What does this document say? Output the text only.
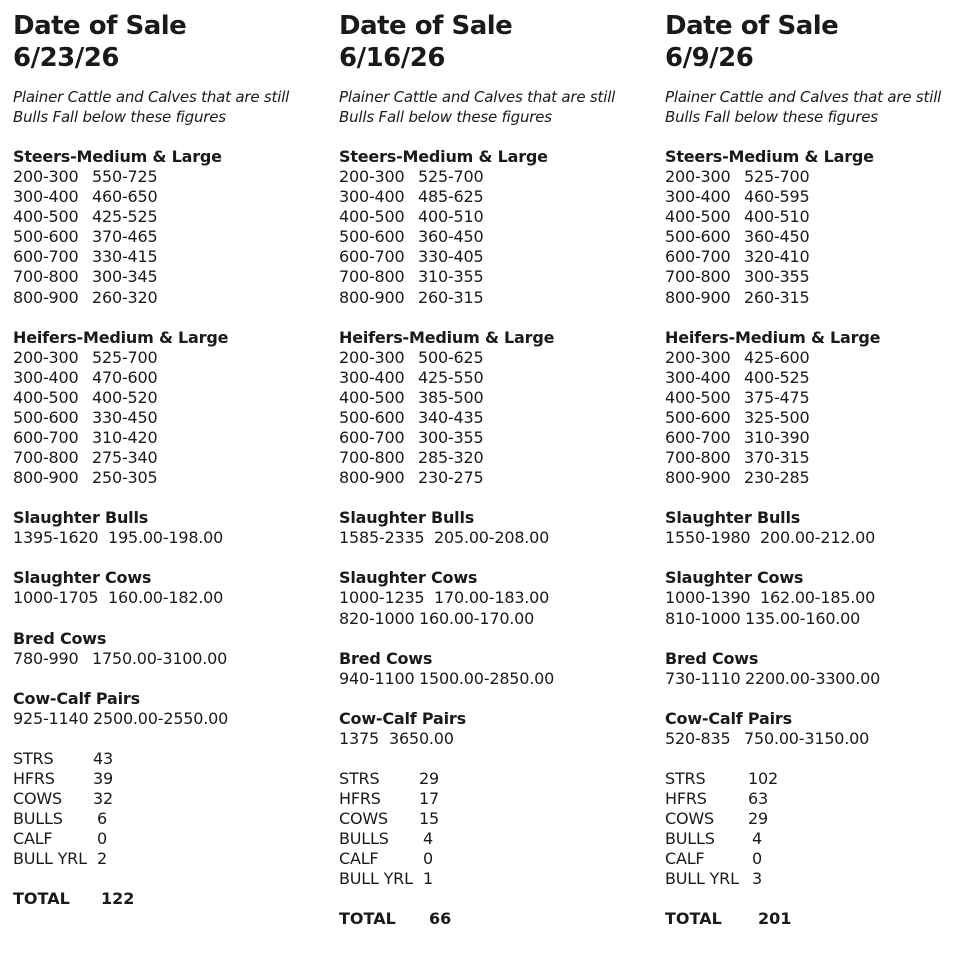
Date of Sale
6/23/26
Plainer Cattle and Calves that are still
Bulls Fall below these figures
Steers-Medium & Large
200-300 550-725
300-400 460-650
400-500 425-525
500-600 370-465
600-700 330-415
700-800 300-345
800-900 260-320
Heifers-Medium & Large
200-300 525-700
300-400 470-600
400-500 400-520
500-600 330-450
600-700 310-420
700-800 275-340
800-900 250-305
Slaughter Bulls
1395-1620 195.00-198.00
Slaughter Cows
1000-1705 160.00-182.00
Bred Cows
780-990 1750.00-3100.00
Cow-Calf Pairs
925-1140 2500.00-2550.00
STRS 43
HFRS 39
COWS 32
BULLS 6
CALF	0
BULL YRL 2
TOTAL 122
Date of Sale
6/16/26
Plainer Cattle and Calves that are still
Bulls Fall below these figures
Steers-Medium & Large
200-300 525-700
300-400 485-625
400-500 400-510
500-600 360-450
600-700 330-405
700-800 310-355
800-900 260-315
Heifers-Medium & Large
200-300 500-625
300-400 425-550
400-500 385-500
500-600 340-435
600-700 300-355
700-800 285-320
800-900 230-275
Slaughter Bulls
1585-2335 205.00-208.00
Slaughter Cows
1000-1235 170.00-183.00
820-1000 160.00-170.00
Bred Cows
940-1100 1500.00-2850.00
Cow-Calf Pairs
1375 3650.00
STRS 29
HFRS 17
COWS 15
BULLS 4
CALF	0
BULL YRL 1
TOTAL 66
Date of Sale
6/9/26
Plainer Cattle and Calves that are still
Bulls Fall below these figures
Steers-Medium & Large
200-300 525-700
300-400 460-595
400-500 400-510
500-600 360-450
600-700 320-410
700-800 300-355
800-900 260-315
Heifers-Medium & Large
200-300 425-600
300-400 400-525
400-500 375-475
500-600 325-500
600-700 310-390
700-800 370-315
800-900 230-285
Slaughter Bulls
1550-1980 200.00-212.00
Slaughter Cows
1000-1390 162.00-185.00
810-1000 135.00-160.00
Bred Cows
730-1110 2200.00-3300.00
Cow-Calf Pairs
520-835 750.00-3150.00
STRS	102
HFRS	63
COWS 29
BULLS 4
CALF	0
BULL YRL 3
TOTAL 201
